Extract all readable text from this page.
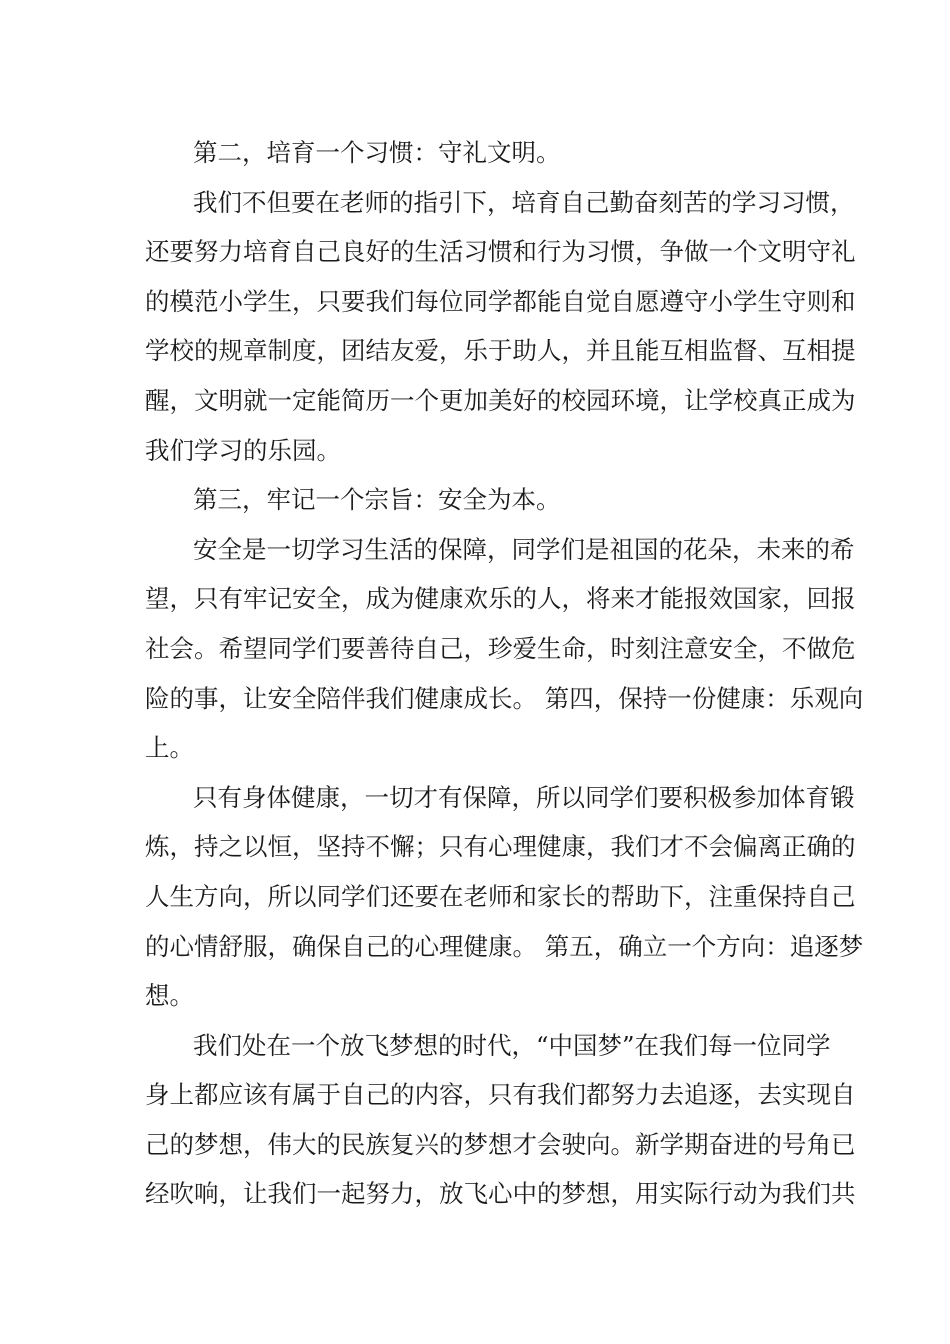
第二，培育一个习惯：守礼文明。
我们不但要在老师的指引下，培育自己勤奋刻苦的学习习惯，
还要努力培育自己良好的生活习惯和行为习惯，争做一个文明守礼
的模范小学生，只要我们每位同学都能自觉自愿遵守小学生守则和
学校的规章制度，团结友爱，乐于助人，并且能互相监督、互相提
醒，文明就一定能简历一个更加美好的校园环境，让学校真正成为
我们学习的乐园。
第三，牢记一个宗旨：安全为本。
安全是一切学习生活的保障，同学们是祖国的花朵，未来的希
望，只有牢记安全，成为健康欢乐的人，将来才能报效国家，回报
社会。希望同学们要善待自己，珍爱生命，时刻注意安全，不做危
险的事，让安全陪伴我们健康成长。 第四，保持一份健康：乐观向
上。
只有身体健康，一切才有保障，所以同学们要积极参加体育锻
炼，持之以恒，坚持不懈；只有心理健康，我们才不会偏离正确的
人生方向，所以同学们还要在老师和家长的帮助下，注重保持自己
的心情舒服，确保自己的心理健康。 第五，确立一个方向：追逐梦
想。
我们处在一个放飞梦想的时代，“中国梦”在我们每一位同学
身上都应该有属于自己的内容，只有我们都努力去追逐，去实现自
己的梦想，伟大的民族复兴的梦想才会驶向。新学期奋进的号角已
经吹响，让我们一起努力，放飞心中的梦想，用实际行动为我们共
